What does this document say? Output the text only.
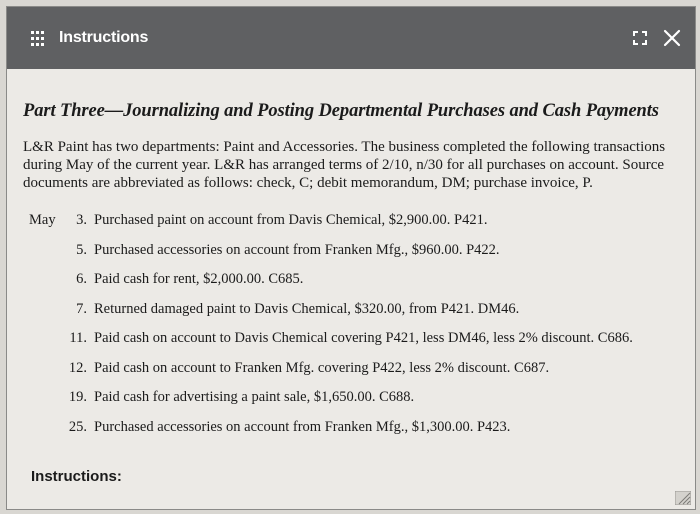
Instructions
Part Three—Journalizing and Posting Departmental Purchases and Cash Payments

L&R Paint has two departments: Paint and Accessories. The business completed the following transactions during May of the current year. L&R has arranged terms of 2/10, n/30 for all purchases on account. Source documents are abbreviated as follows: check, C; debit memorandum, DM; purchase invoice, P.

May	3. Purchased paint on account from Davis Chemical, $2,900.00. P421.
5. Purchased accessories on account from Franken Mfg., $960.00. P422.
6. Paid cash for rent, $2,000.00. C685.
7. Returned damaged paint to Davis Chemical, $320.00, from P421. DM46.
11. Paid cash on account to Davis Chemical covering P421, less DM46, less 2% discount. C686.
12. Paid cash on account to Franken Mfg. covering P422, less 2% discount. C687.
19. Paid cash for advertising a paint sale, $1,650.00. C688.
25. Purchased accessories on account from Franken Mfg., $1,300.00. P423.
Instructions:
